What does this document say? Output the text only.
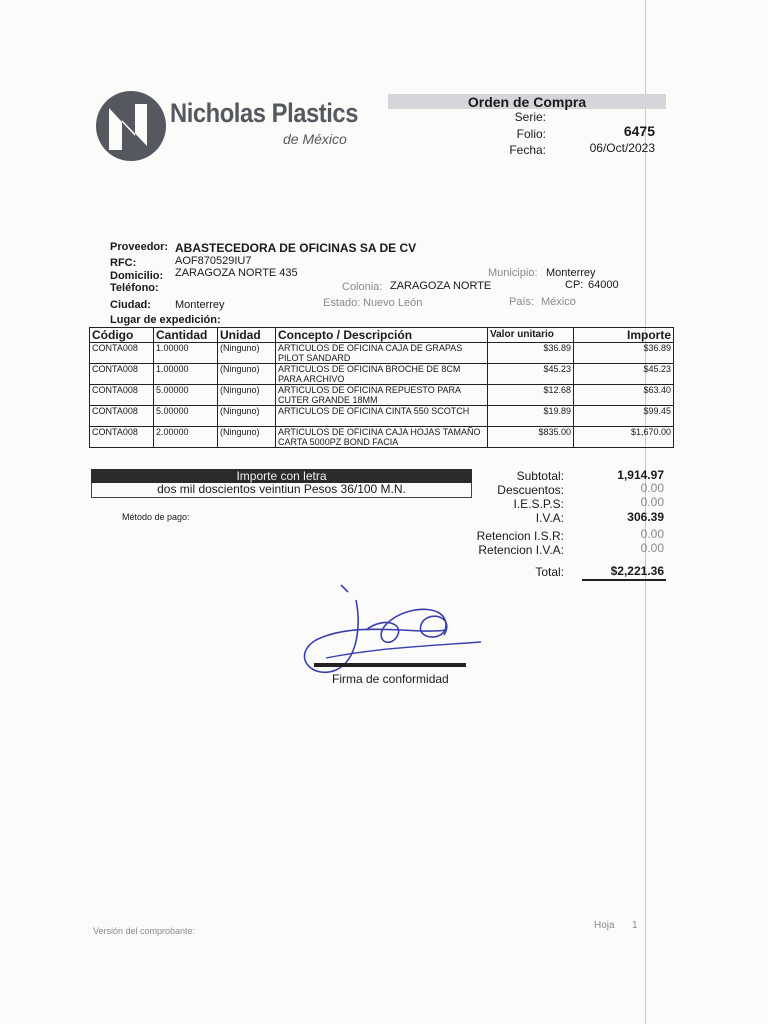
Nicholas Plastics
de México
Orden de Compra
Serie:
Folio:	6475
Fecha:	06/Oct/2023
Proveedor: ABASTECEDORA DE OFICINAS SA DE CV
RFC:	AOF870529IU7
Domicilio: ZARAGOZA NORTE 435
Teléfono:
Municipio: Monterrey
Colonia: ZARAGOZA NORTE	CP: 64000
Ciudad: Monterrey	Estado: Nuevo León	País: México
Lugar de expedición:
Código	Cantidad	Unidad	Concepto / Descripción	Valor unitario	Importe
CONTA008	1.00000	(Ninguno)	ARTICULOS DE OFICINA CAJA DE GRAPAS PILOT SANDARD	$36.89	$36.89
CONTA008	1.00000	(Ninguno)	ARTICULOS DE OFICINA BROCHE DE 8CM PARA ARCHIVO	$45.23	$45.23
CONTA008	5.00000	(Ninguno)	ARTICULOS DE OFICINA REPUESTO PARA CUTER GRANDE 18MM	$12.68	$63.40
CONTA008	5.00000	(Ninguno)	ARTICULOS DE OFICINA CINTA 550 SCOTCH	$19.89	$99.45
CONTA008	2.00000	(Ninguno)	ARTICULOS DE OFICINA CAJA HOJAS TAMAÑO CARTA 5000PZ BOND FACIA	$835.00	$1,670.00
Importe con letra
dos mil doscientos veintiun Pesos 36/100 M.N.
Método de pago:
Subtotal:	1,914.97
Descuentos:	0.00
I.E.S.P.S:	0.00
I.V.A:	306.39
Retencion I.S.R:	0.00
Retencion I.V.A:	0.00
Total:	$2,221.36
Firma de conformidad
Versión del comprobante:	Hoja 1
